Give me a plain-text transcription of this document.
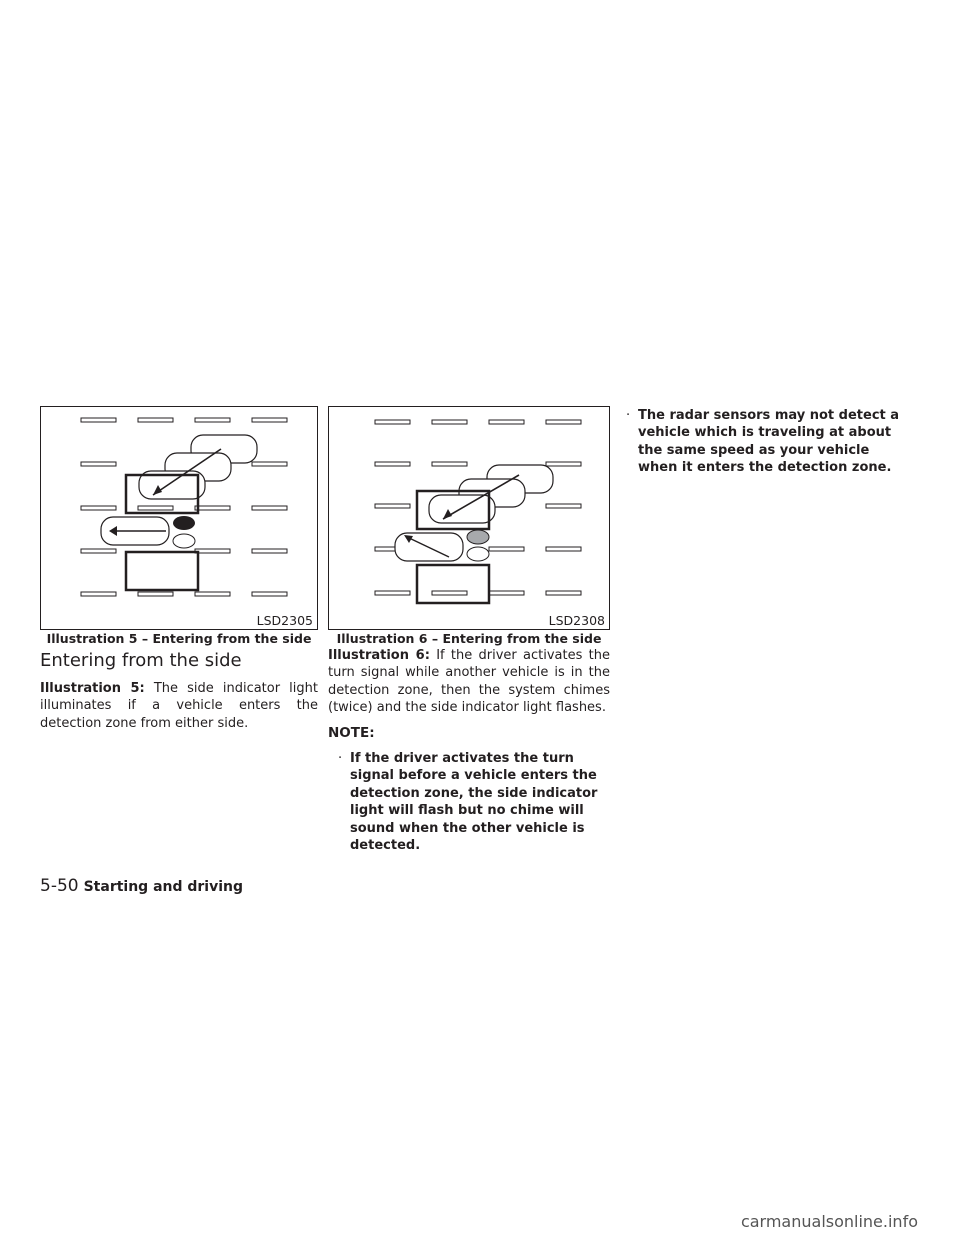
LSD2305
Illustration 5 – Entering from the side
LSD2308
Illustration 6 – Entering from the side
Entering from the side

Illustration 5: The side indicator light illuminates if a vehicle enters the detection zone from either side.

Illustration 6: If the driver activates the turn signal while another vehicle is in the detection zone, then the system chimes (twice) and the side indicator light flashes.

NOTE:

· If the driver activates the turn signal before a vehicle enters the detection zone, the side indicator light will flash but no chime will sound when the other vehicle is detected.
· The radar sensors may not detect a vehicle which is traveling at about the same speed as your vehicle when it enters the detection zone.
5-50 Starting and driving
carmanualsonline.info
